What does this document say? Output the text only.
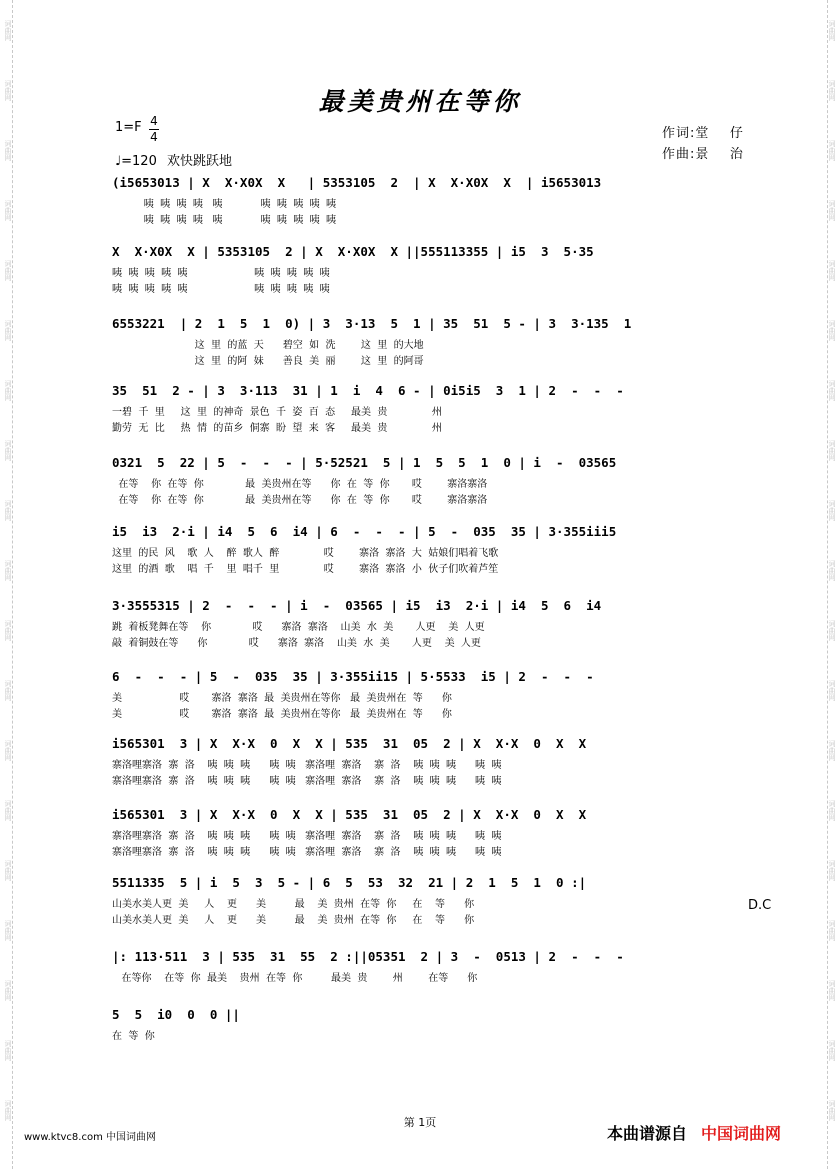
最美贵州在等你
1=F 4
4
♩=120 欢快跳跃地
作词:堂    仔
作曲:景    治
(i5653013 | X  X·X0X  X   | 5353105  2  | X  X·X0X  X  | i5653013
咦  咦  咦  咦   咦            咦  咦  咦  咦  咦
咦  咦  咦  咦   咦            咦  咦  咦  咦  咦
X  X·X0X  X | 5353105  2 | X  X·X0X  X ||555113355 | i5  3  5·35
咦  咦  咦  咦  咦                     咦  咦  咦  咦  咦
咦  咦  咦  咦  咦                     咦  咦  咦  咦  咦
6553221  | 2  1  5  1  0) | 3  3·13  5  1 | 35  51  5 - | 3  3·135  1
这  里  的蓝  天      碧空  如  洗        这  里  的大地
这  里  的阿  妹      善良  美  丽        这  里  的阿哥
35  51  2 - | 3  3·113  31 | 1  i  4  6 - | 0i5i5  3  1 | 2  -  -  -
一碧  千  里     这  里  的神奇  景色  千  姿  百  态     最美  贵              州
勤劳  无  比     热  情  的苗乡  侗寨  盼  望  来  客     最美  贵              州
0321  5  22 | 5  -  -  - | 5·52521  5 | 1  5  5  1  0 | i  -  03565
在等    你  在等  你             最  美贵州在等      你  在  等  你       哎        寨洛寨洛
在等    你  在等  你             最  美贵州在等      你  在  等  你       哎        寨洛寨洛
i5  i3  2·i | i4  5  6  i4 | 6  -  -  - | 5  -  035  35 | 3·355iii5
这里  的民  风    歌  人    醉  歌人  醉              哎        寨洛  寨洛  大  姑娘们唱着飞歌
这里  的酒  歌    唱  千    里  唱千  里              哎        寨洛  寨洛  小  伙子们吹着芦笙
3·3555315 | 2  -  -  - | i  -  03565 | i5  i3  2·i | i4  5  6  i4
跳  着板凳舞在等    你             哎      寨洛  寨洛    山美  水  美       人更    美  人更
敲  着铜鼓在等      你             哎      寨洛  寨洛    山美  水  美       人更    美  人更
6  -  -  - | 5  -  035  35 | 3·355ii15 | 5·5533  i5 | 2  -  -  -
美                  哎       寨洛  寨洛  最  美贵州在等你   最  美贵州在  等      你
美                  哎       寨洛  寨洛  最  美贵州在等你   最  美贵州在  等      你
i565301  3 | X  X·X  0  X  X | 535  31  05  2 | X  X·X  0  X  X
寨洛哩寨洛  寨  洛    咦  咦  咦      咦  咦   寨洛哩  寨洛    寨  洛    咦  咦  咦      咦  咦
寨洛哩寨洛  寨  洛    咦  咦  咦      咦  咦   寨洛哩  寨洛    寨  洛    咦  咦  咦      咦  咦
i565301  3 | X  X·X  0  X  X | 535  31  05  2 | X  X·X  0  X  X
寨洛哩寨洛  寨  洛    咦  咦  咦      咦  咦   寨洛哩  寨洛    寨  洛    咦  咦  咦      咦  咦
寨洛哩寨洛  寨  洛    咦  咦  咦      咦  咦   寨洛哩  寨洛    寨  洛    咦  咦  咦      咦  咦
5511335  5 | i  5  3  5 - | 6  5  53  32  21 | 2  1  5  1  0 :|
山美水美人更  美     人    更      美         最    美  贵州  在等  你     在    等      你
山美水美人更  美     人    更      美         最    美  贵州  在等  你     在    等      你
|: 113·511  3 | 535  31  55  2 :||05351  2 | 3  -  0513 | 2  -  -  -
在等你    在等  你  最美    贵州  在等  你         最美  贵        州        在等      你
5  5  i0  0  0 ||
在  等  你
D.C
第 1页
www.ktvc8.com 中国词曲网	本曲谱源自 中国词曲网
词曲网
词曲网
词曲网
词曲网
词曲网
词曲网
词曲网
词曲网
词曲网
词曲网
词曲网
词曲网
词曲网
词曲网
词曲网
词曲网
词曲网
词曲网
词曲网
词曲网
词曲网
词曲网
词曲网
词曲网
词曲网
词曲网
词曲网
词曲网
词曲网
词曲网
词曲网
词曲网
词曲网
词曲网
词曲网
词曲网
词曲网
词曲网
